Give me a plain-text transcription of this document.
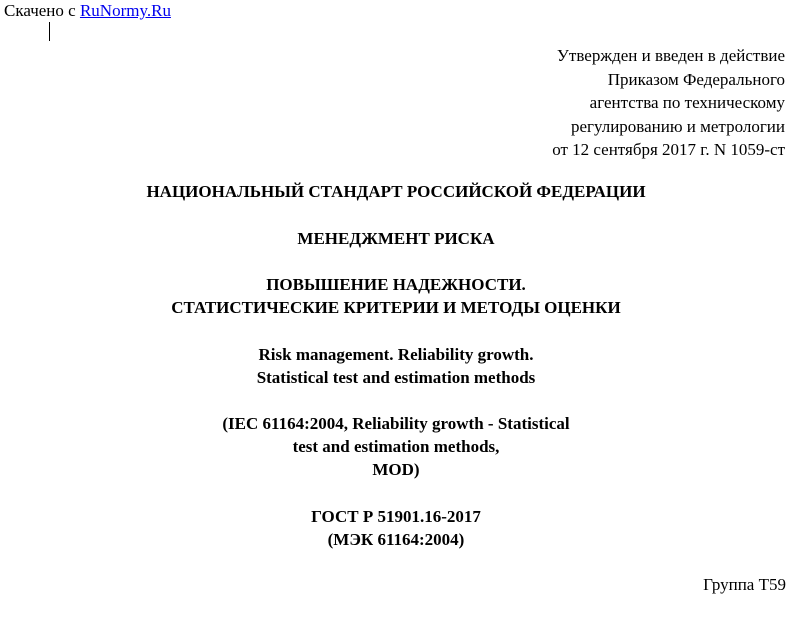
Скачено с RuNormy.Ru
Утвержден и введен в действие
Приказом Федерального
агентства по техническому
регулированию и метрологии
от 12 сентября 2017 г. N 1059-ст
НАЦИОНАЛЬНЫЙ СТАНДАРТ РОССИЙСКОЙ ФЕДЕРАЦИИ
МЕНЕДЖМЕНТ РИСКА
ПОВЫШЕНИЕ НАДЕЖНОСТИ.
СТАТИСТИЧЕСКИЕ КРИТЕРИИ И МЕТОДЫ ОЦЕНКИ
Risk management. Reliability growth.
Statistical test and estimation methods
(IEC 61164:2004, Reliability growth - Statistical
test and estimation methods,
MOD)
ГОСТ Р 51901.16-2017
(МЭК 61164:2004)
Группа Т59
